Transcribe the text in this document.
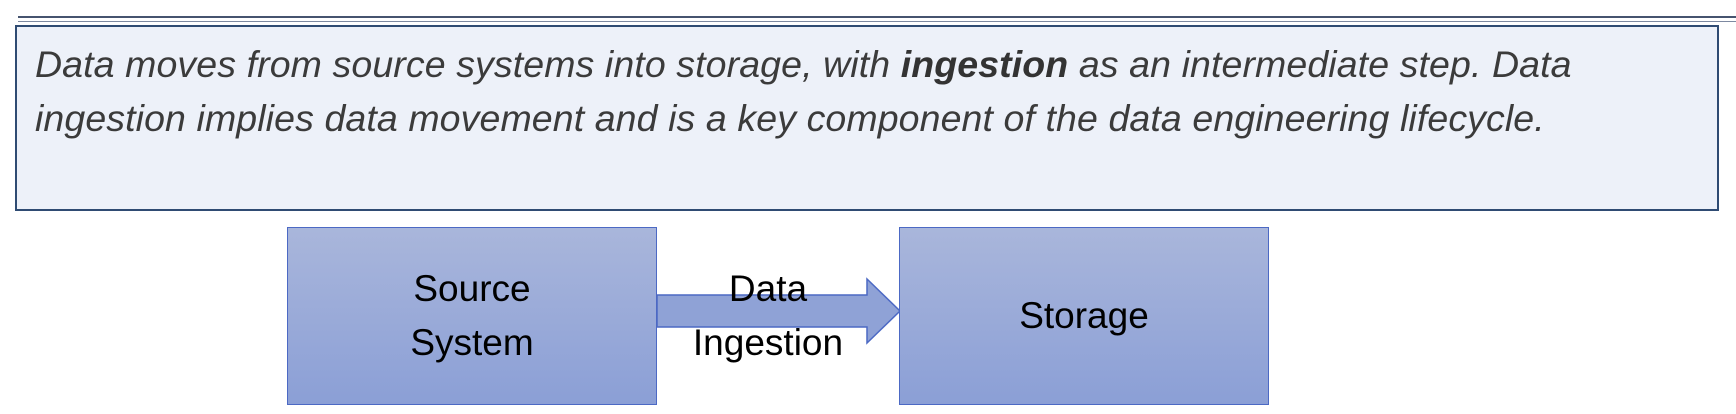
Data moves from source systems into storage, with ingestion as an intermediate step. Data ingestion implies data movement and is a key component of the data engineering lifecycle.

Source
System
Data
Ingestion
Storage
